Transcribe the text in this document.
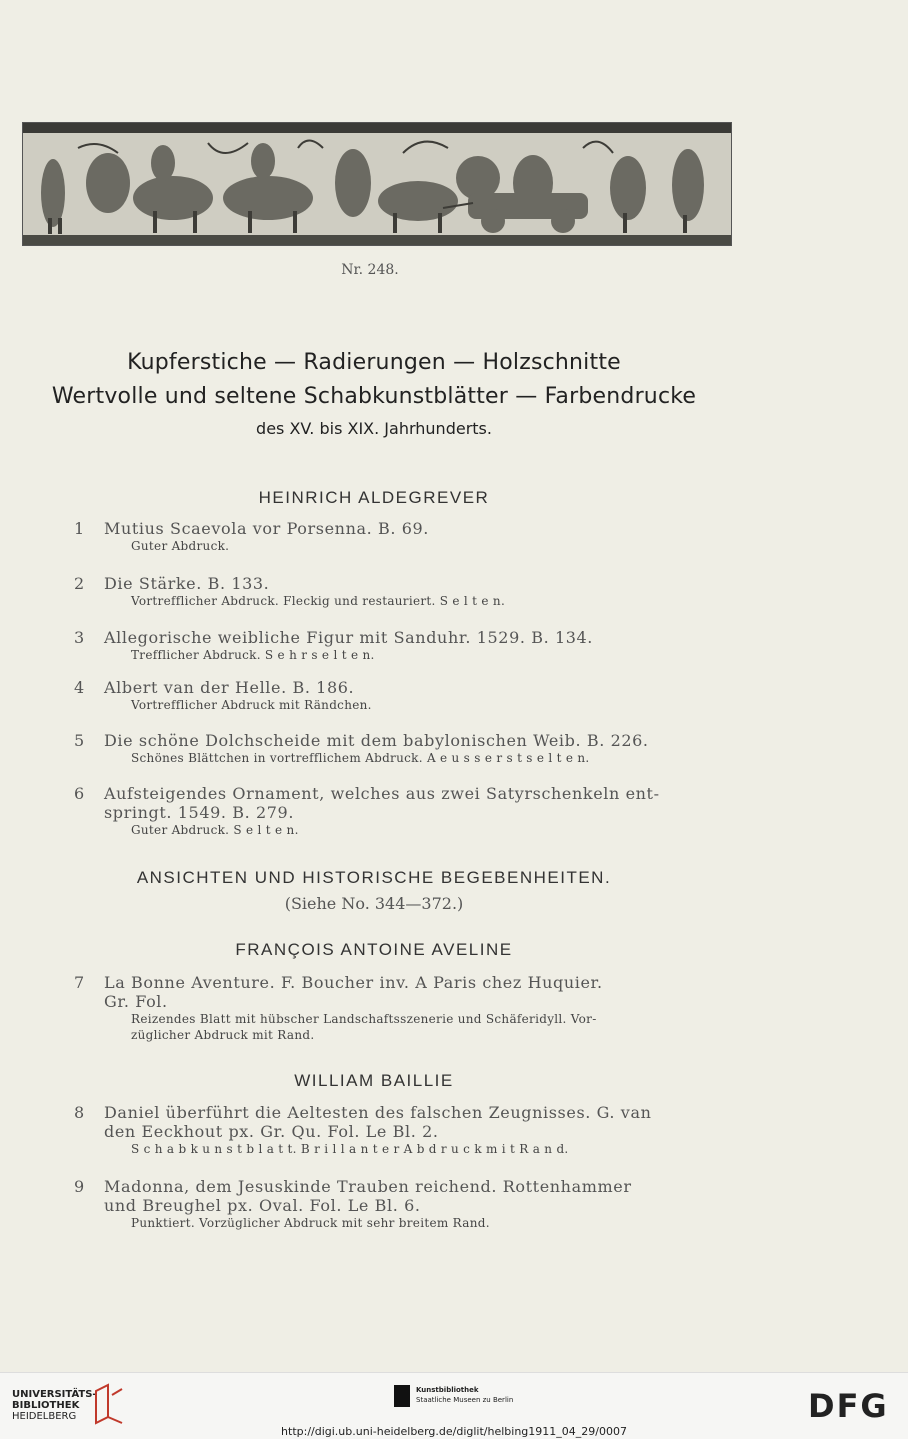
Nr. 248.
Kupferstiche — Radierungen — Holzschnitte
Wertvolle und seltene Schabkunstblätter — Farbendrucke
des XV. bis XIX. Jahrhunderts.
HEINRICH ALDEGREVER
1 Mutius Scaevola vor Porsenna. B. 69.
Guter Abdruck.
2 Die Stärke. B. 133.
Vortrefflicher Abdruck. Fleckig und restauriert. S e l t e n.
3 Allegorische weibliche Figur mit Sanduhr. 1529. B. 134.
Trefflicher Abdruck. S e h r s e l t e n.
4 Albert van der Helle. B. 186.
Vortrefflicher Abdruck mit Rändchen.
5 Die schöne Dolchscheide mit dem babylonischen Weib. B. 226.
Schönes Blättchen in vortrefflichem Abdruck. A e u s s e r s t s e l t e n.
6 Aufsteigendes Ornament, welches aus zwei Satyrschenkeln ent-
springt. 1549. B. 279.
Guter Abdruck. S e l t e n.
ANSICHTEN UND HISTORISCHE BEGEBENHEITEN.
(Siehe No. 344—372.)
FRANÇOIS ANTOINE AVELINE
7 La Bonne Aventure. F. Boucher inv. A Paris chez Huquier.
Gr. Fol.
Reizendes Blatt mit hübscher Landschaftsszenerie und Schäferidyll. Vor-
züglicher Abdruck mit Rand.
WILLIAM BAILLIE
8 Daniel überführt die Aeltesten des falschen Zeugnisses. G. van
den Eeckhout px. Gr. Qu. Fol. Le Bl. 2.
S c h a b k u n s t b l a t t. B r i l l a n t e r A b d r u c k m i t R a n d.
9 Madonna, dem Jesuskinde Trauben reichend. Rottenhammer
und Breughel px. Oval. Fol. Le Bl. 6.
Punktiert. Vorzüglicher Abdruck mit sehr breitem Rand.
UNIVERSITÄTS-
BIBLIOTHEK
HEIDELBERG
Kunstbibliothek
Staatliche Museen zu Berlin	DFG
http://digi.ub.uni-heidelberg.de/diglit/helbing1911_04_29/0007
